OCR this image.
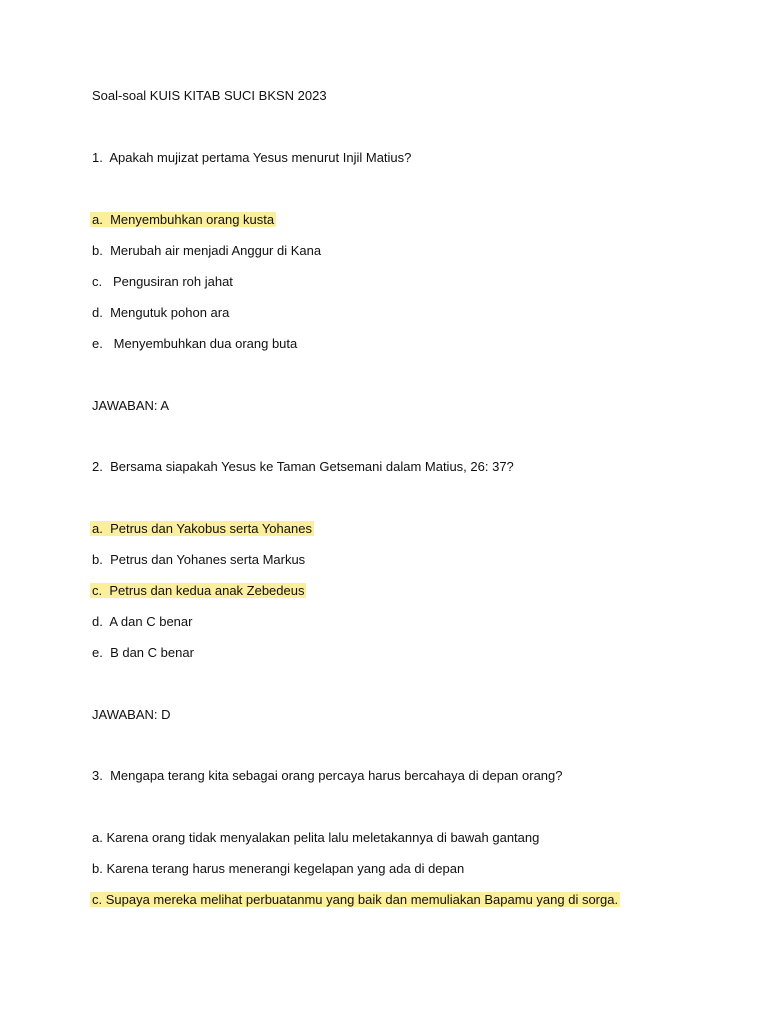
Soal-soal KUIS KITAB SUCI BKSN 2023
1.  Apakah mujizat pertama Yesus menurut Injil Matius?
a.  Menyembuhkan orang kusta
b.  Merubah air menjadi Anggur di Kana
c.   Pengusiran roh jahat
d.  Mengutuk pohon ara
e.   Menyembuhkan dua orang buta
JAWABAN: A
2.  Bersama siapakah Yesus ke Taman Getsemani dalam Matius, 26: 37?
a.  Petrus dan Yakobus serta Yohanes
b.  Petrus dan Yohanes serta Markus
c.  Petrus dan kedua anak Zebedeus
d.  A dan C benar
e.  B dan C benar
JAWABAN: D
3.  Mengapa terang kita sebagai orang percaya harus bercahaya di depan orang?
a. Karena orang tidak menyalakan pelita lalu meletakannya di bawah gantang
b. Karena terang harus menerangi kegelapan yang ada di depan
c. Supaya mereka melihat perbuatanmu yang baik dan memuliakan Bapamu yang di sorga.
